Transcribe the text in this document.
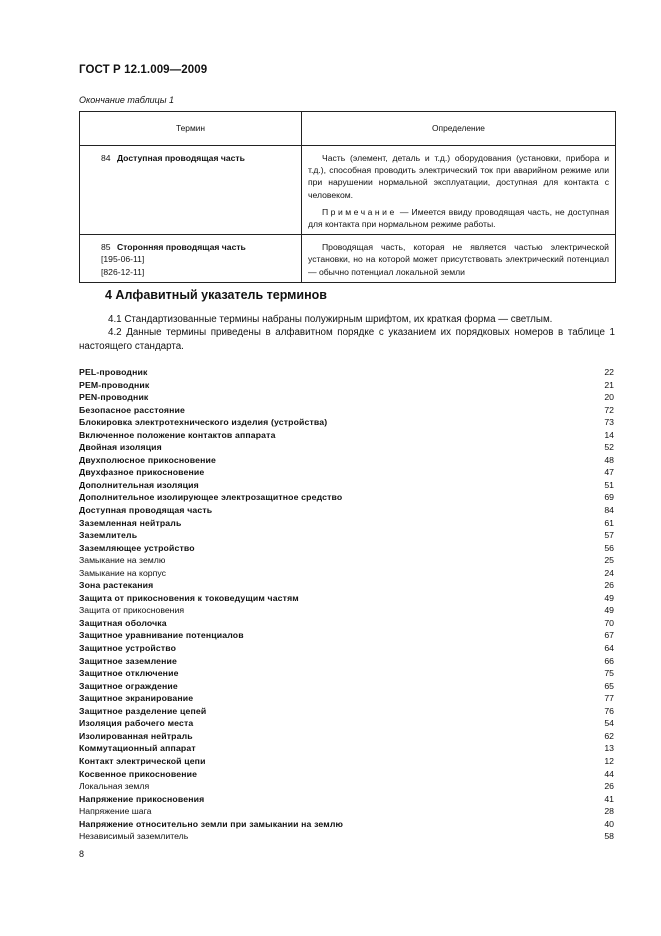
ГОСТ Р 12.1.009—2009
Окончание таблицы 1
Термин	Определение
84 Доступная проводящая часть	Часть (элемент, деталь и т.д.) оборудования (установки, прибора и т.д.), способная проводить электрический ток при аварийном режиме или при нарушении нормальной эксплуатации, доступная для контакта с человеком.
Примечание — Имеется ввиду проводящая часть, не доступная для контакта при нормальном режиме работы.

85 Сторонняя проводящая часть
[195-06-11]
[826-12-11]	Проводящая часть, которая не является частью электрической установки, но на которой может присутствовать электрический потенциал — обычно потенциал локальной земли
4 Алфавитный указатель терминов

4.1 Стандартизованные термины набраны полужирным шрифтом, их краткая форма — светлым.

4.2 Данные термины приведены в алфавитном порядке с указанием их порядковых номеров в таблице 1 настоящего стандарта.

PEL-проводник	22
PEM-проводник	21
PEN-проводник	20
Безопасное расстояние	72
Блокировка электротехнического изделия (устройства)	73
Включенное положение контактов аппарата	14
Двойная изоляция	52
Двухполюсное прикосновение	48
Двухфазное прикосновение	47
Дополнительная изоляция	51
Дополнительное изолирующее электрозащитное средство	69
Доступная проводящая часть	84
Заземленная нейтраль	61
Заземлитель	57
Заземляющее устройство	56
Замыкание на землю	25
Замыкание на корпус	24
Зона растекания	26
Защита от прикосновения к токоведущим частям	49
Защита от прикосновения	49
Защитная оболочка	70
Защитное уравнивание потенциалов	67
Защитное устройство	64
Защитное заземление	66
Защитное отключение	75
Защитное ограждение	65
Защитное экранирование	77
Защитное разделение цепей	76
Изоляция рабочего места	54
Изолированная нейтраль	62
Коммутационный аппарат	13
Контакт электрической цепи	12
Косвенное прикосновение	44
Локальная земля	26
Напряжение прикосновения	41
Напряжение шага	28
Напряжение относительно земли при замыкании на землю	40
Независимый заземлитель	58
8
